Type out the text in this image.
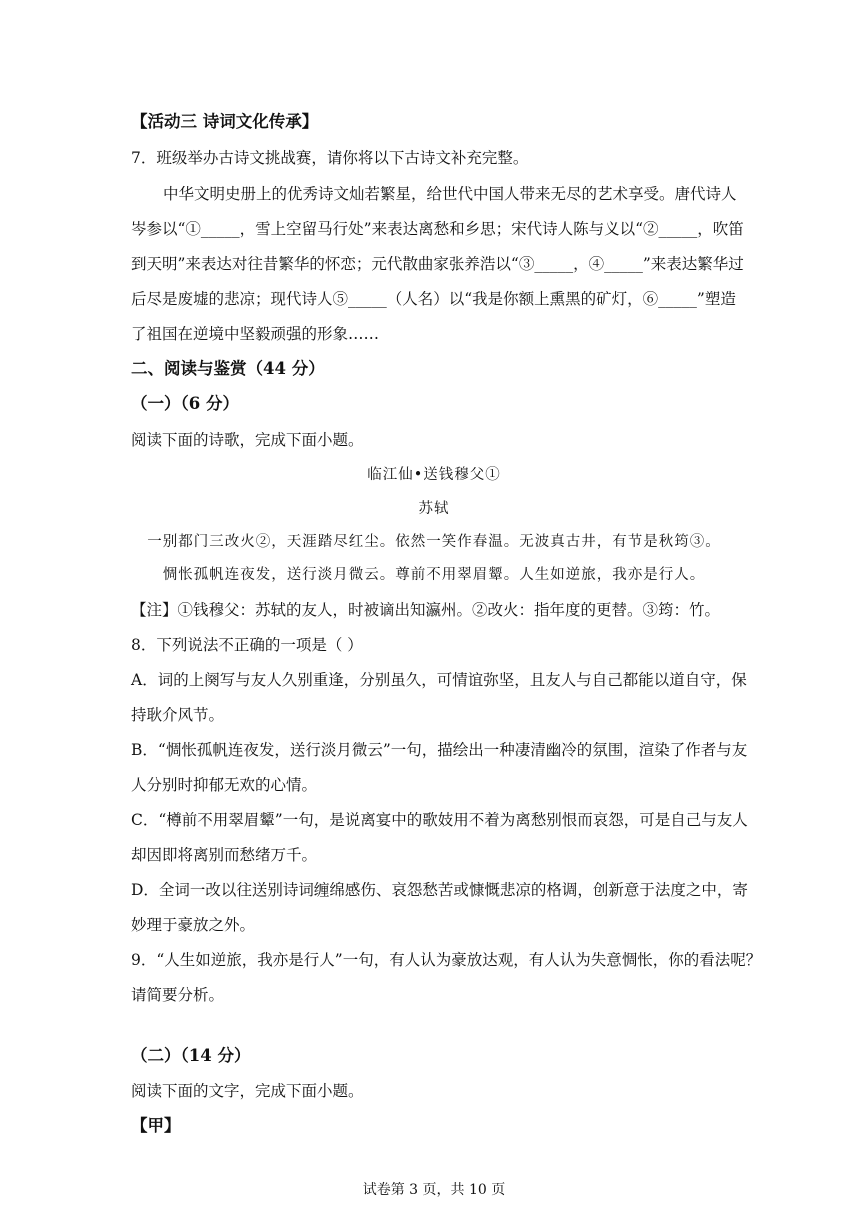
【活动三 诗词文化传承】
7．班级举办古诗文挑战赛，请你将以下古诗文补充完整。
中华文明史册上的优秀诗文灿若繁星，给世代中国人带来无尽的艺术享受。唐代诗人
岑参以“①_____，雪上空留马行处”来表达离愁和乡思；宋代诗人陈与义以“②_____，吹笛
到天明”来表达对往昔繁华的怀恋；元代散曲家张养浩以“③_____，④_____”来表达繁华过
后尽是废墟的悲凉；现代诗人⑤_____（人名）以“我是你额上熏黑的矿灯，⑥_____”塑造
了祖国在逆境中坚毅顽强的形象……
二、阅读与鉴赏（44 分）
（一）（6 分）
阅读下面的诗歌，完成下面小题。
临江仙•送钱穆父①
苏轼
一别都门三改火②，天涯踏尽红尘。依然一笑作春温。无波真古井，有节是秋筠③。
惆怅孤帆连夜发，送行淡月微云。尊前不用翠眉颦。人生如逆旅，我亦是行人。
【注】①钱穆父：苏轼的友人，时被谪出知瀛州。②改火：指年度的更替。③筠：竹。
8．下列说法不正确的一项是（ ）
A．词的上阕写与友人久别重逢，分别虽久，可情谊弥坚，且友人与自己都能以道自守，保
持耿介风节。
B．“惆怅孤帆连夜发，送行淡月微云”一句，描绘出一种凄清幽冷的氛围，渲染了作者与友
人分别时抑郁无欢的心情。
C．“樽前不用翠眉颦”一句，是说离宴中的歌妓用不着为离愁别恨而哀怨，可是自己与友人
却因即将离别而愁绪万千。
D．全词一改以往送别诗词缠绵感伤、哀怨愁苦或慷慨悲凉的格调，创新意于法度之中，寄
妙理于豪放之外。
9．“人生如逆旅，我亦是行人”一句，有人认为豪放达观，有人认为失意惆怅，你的看法呢？
请简要分析。
（二）（14 分）
阅读下面的文字，完成下面小题。
【甲】
试卷第 3 页，共 10 页
